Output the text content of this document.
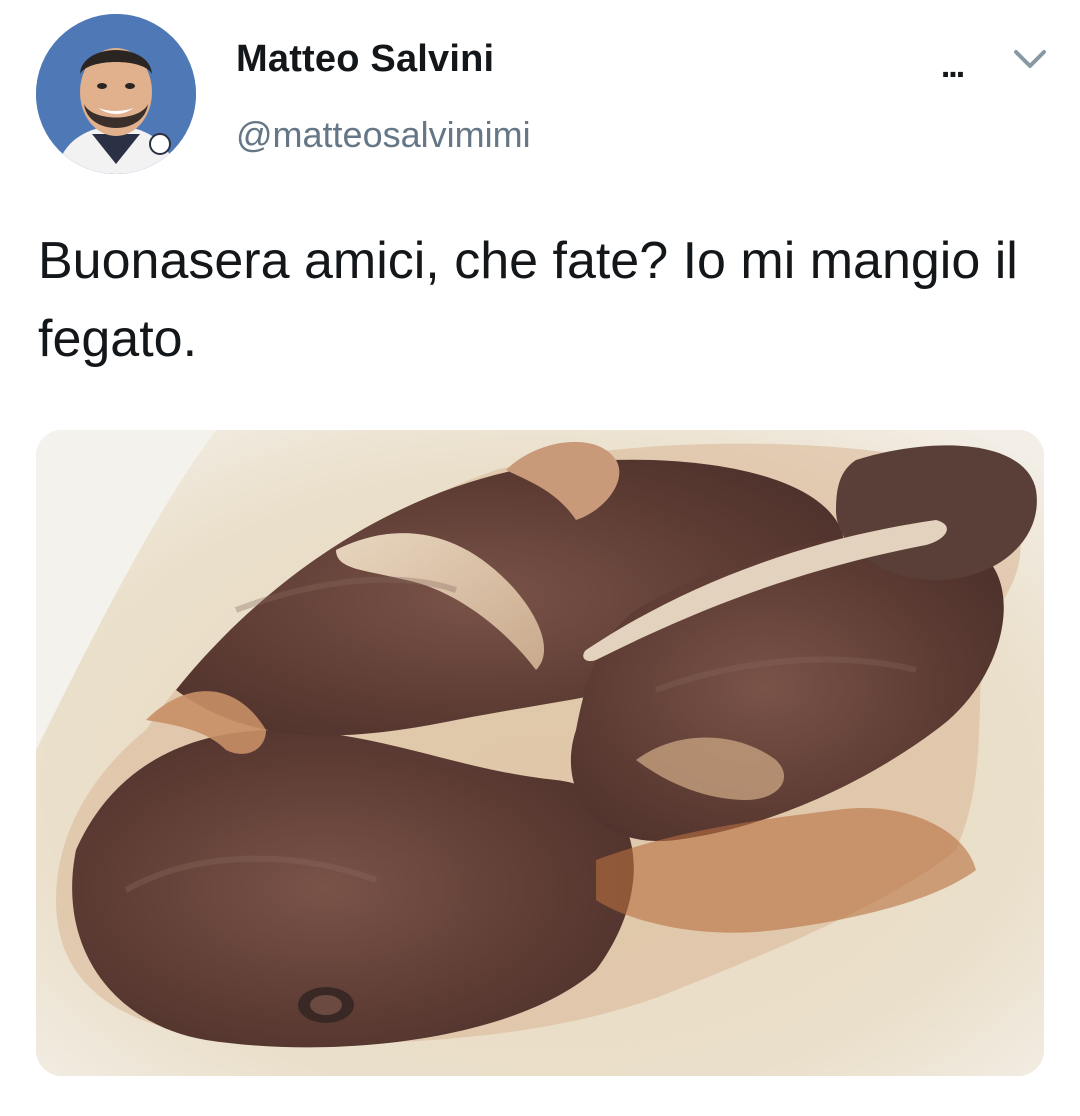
Matteo Salvini
@matteosalvimimi
...
Buonasera amici, che fate? Io mi mangio il fegato.
